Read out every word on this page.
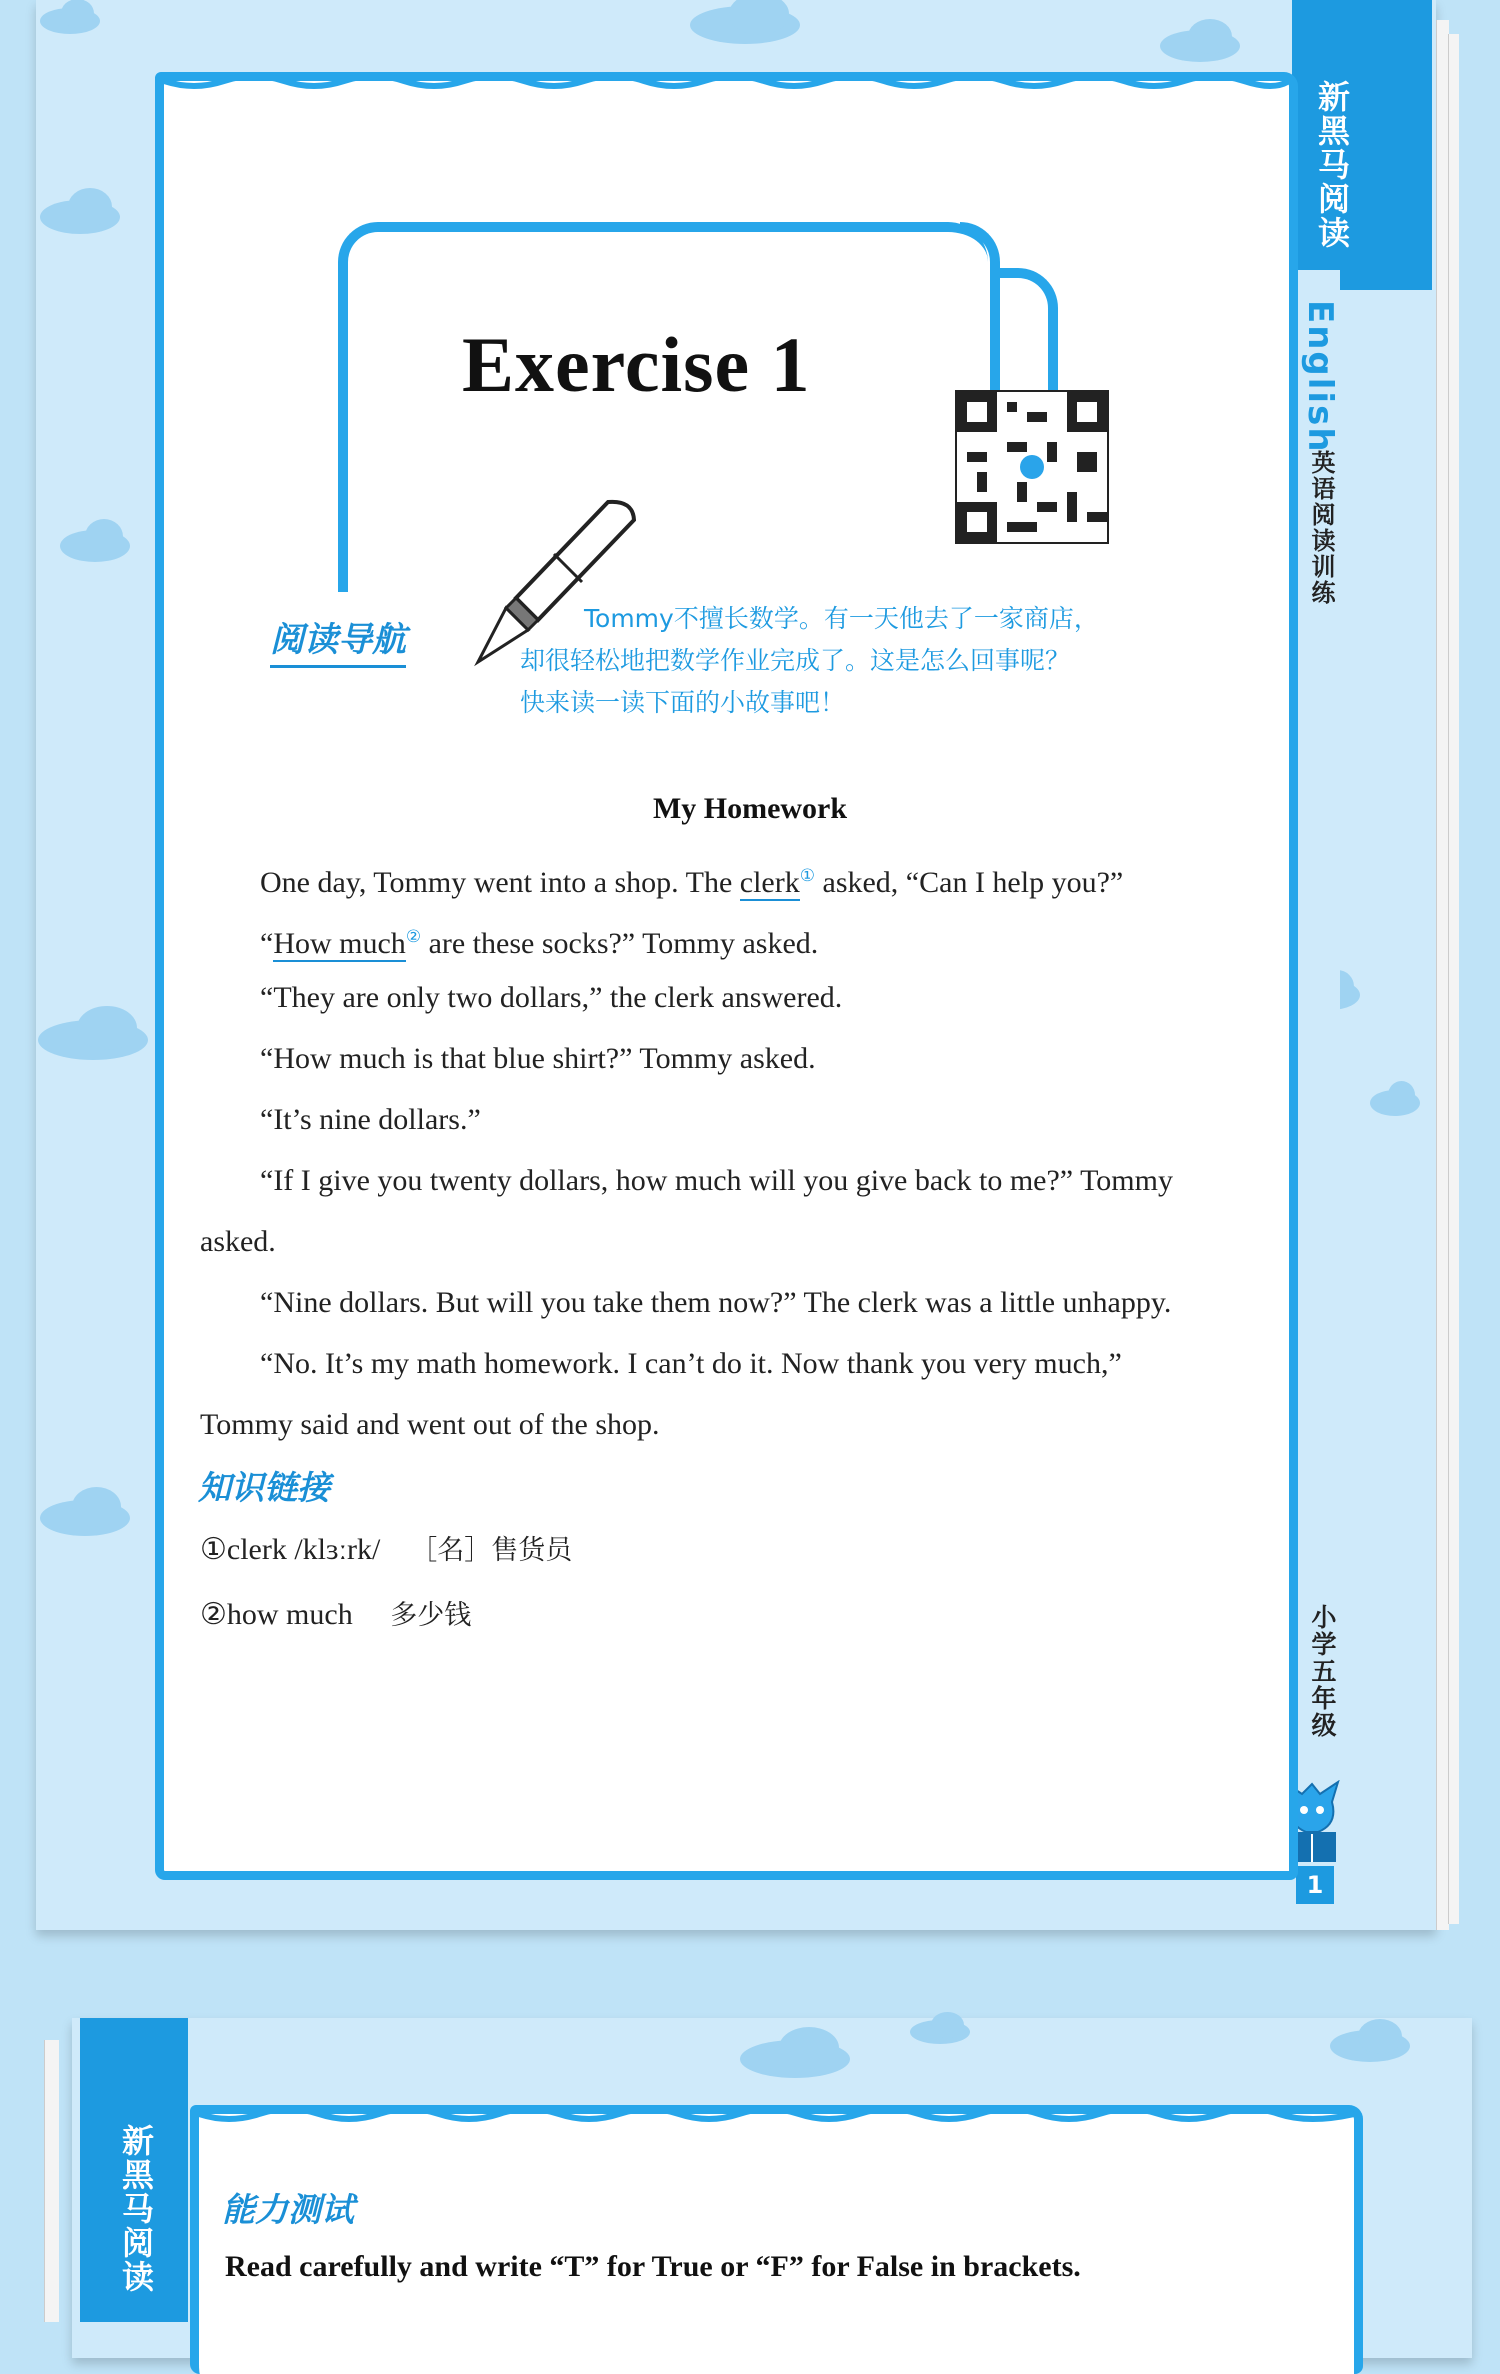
新黑马阅读
English
英语阅读训练
小学五年级
1
Exercise 1
阅读导航

Tommy不擅长数学。有一天他去了一家商店，

却很轻松地把数学作业完成了。这是怎么回事呢？

快来读一读下面的小故事吧！

My Homework

One day, Tommy went into a shop. The clerk① asked, “Can I help you?”

“How much② are these socks?” Tommy asked.

“They are only two dollars,” the clerk answered.

“How much is that blue shirt?” Tommy asked.

“It’s nine dollars.”

“If I give you twenty dollars, how much will you give back to me?” Tommy

asked.

“Nine dollars. But will you take them now?” The clerk was a little unhappy.

“No. It’s my math homework. I can’t do it. Now thank you very much,”

Tommy said and went out of the shop.

知识链接
①clerk /klɜːrk/ ［名］售货员
②how much 多少钱
新黑马阅读 能力测试
Read carefully and write “T” for True or “F” for False in brackets.
